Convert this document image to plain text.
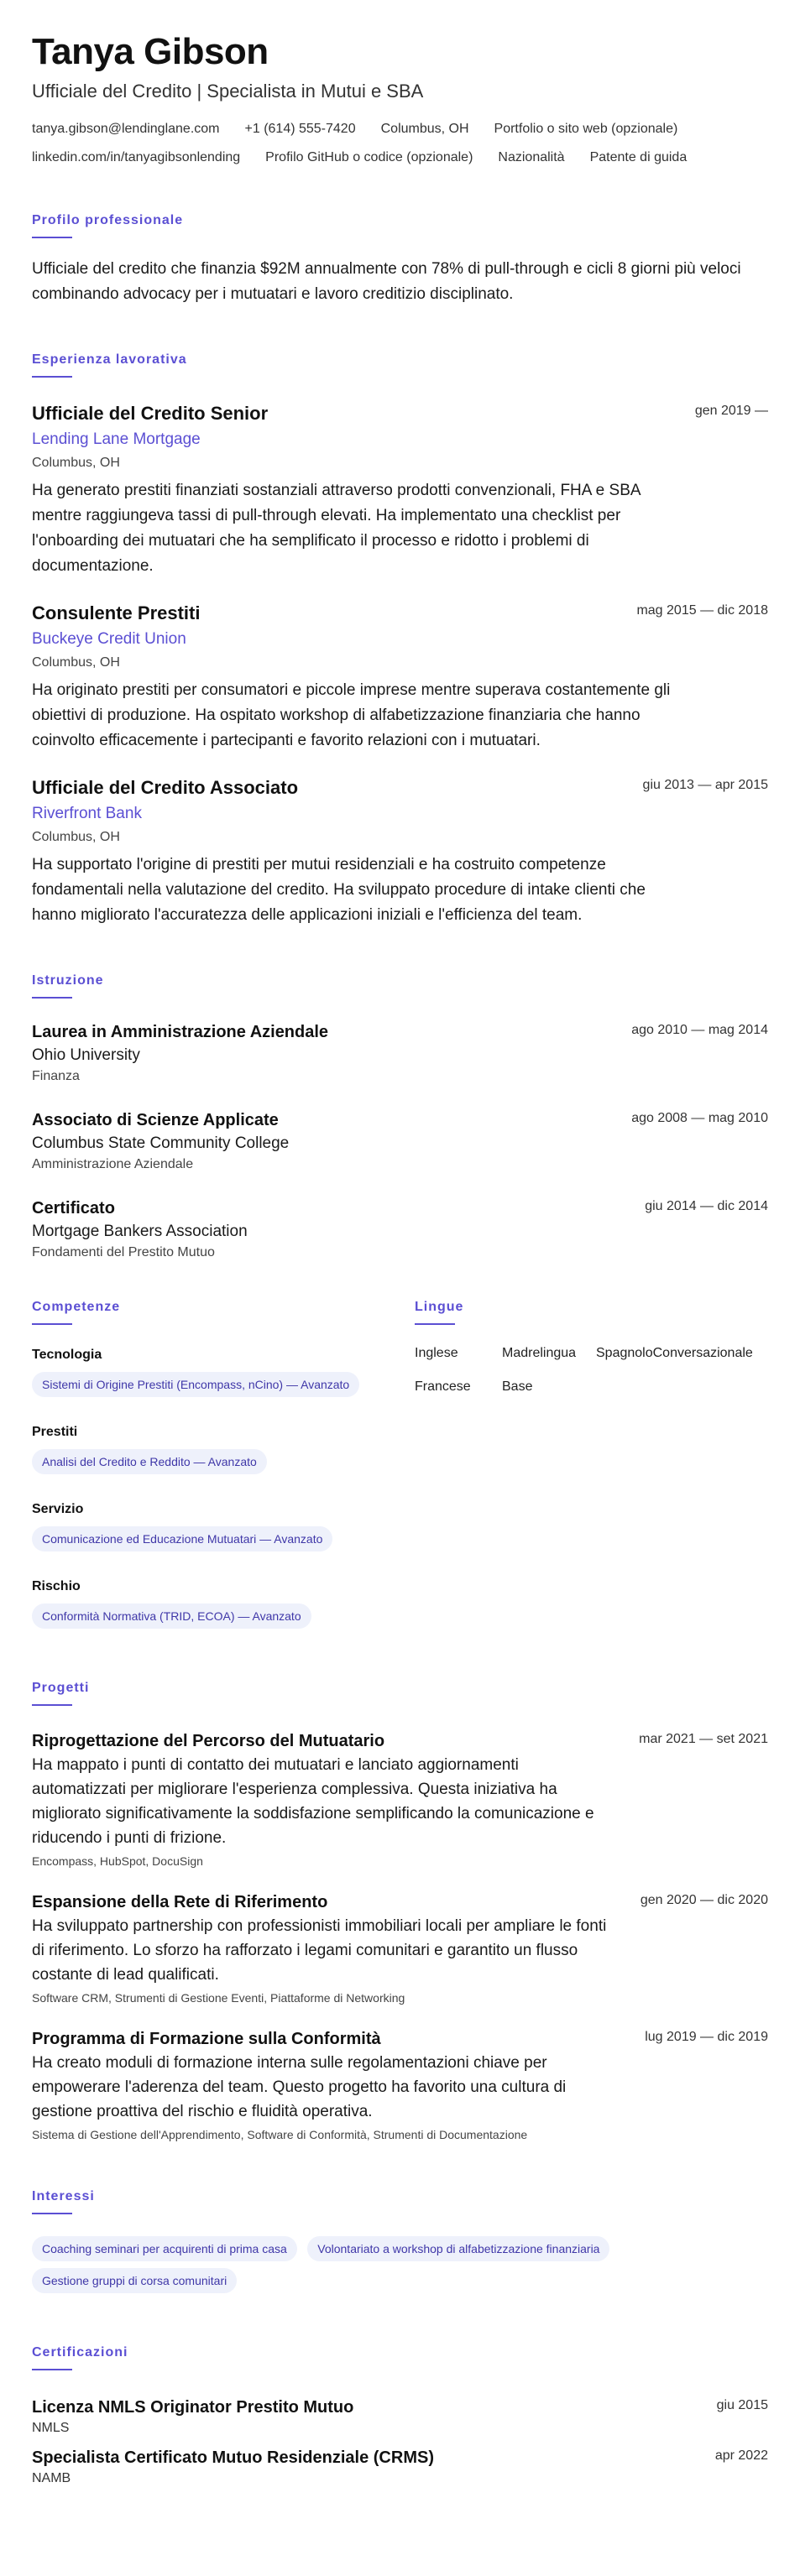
Tanya Gibson
Ufficiale del Credito | Specialista in Mutui e SBA
tanya.gibson@lendinglane.com +1 (614) 555-7420 Columbus, OH Portfolio o sito web (opzionale)
linkedin.com/in/tanyagibsonlending Profilo GitHub o codice (opzionale) Nazionalità Patente di guida
Profilo professionale

Ufficiale del credito che finanzia $92M annualmente con 78% di pull-through e cicli 8 giorni più veloci combinando advocacy per i mutuatari e lavoro creditizio disciplinato.

Esperienza lavorativa
Ufficiale del Credito Senior	gen 2019 —
Lending Lane Mortgage
Columbus, OH

Ha generato prestiti finanziati sostanziali attraverso prodotti convenzionali, FHA e SBA mentre raggiungeva tassi di pull-through elevati. Ha implementato una checklist per l'onboarding dei mutuatari che ha semplificato il processo e ridotto i problemi di documentazione.

Consulente Prestiti	mag 2015 — dic 2018
Buckeye Credit Union
Columbus, OH

Ha originato prestiti per consumatori e piccole imprese mentre superava costantemente gli obiettivi di produzione. Ha ospitato workshop di alfabetizzazione finanziaria che hanno coinvolto efficacemente i partecipanti e favorito relazioni con i mutuatari.

Ufficiale del Credito Associato	giu 2013 — apr 2015
Riverfront Bank
Columbus, OH

Ha supportato l'origine di prestiti per mutui residenziali e ha costruito competenze fondamentali nella valutazione del credito. Ha sviluppato procedure di intake clienti che hanno migliorato l'accuratezza delle applicazioni iniziali e l'efficienza del team.

Istruzione
Laurea in Amministrazione Aziendale	ago 2010 — mag 2014
Ohio University
Finanza
Associato di Scienze Applicate	ago 2008 — mag 2010
Columbus State Community College
Amministrazione Aziendale
Certificato	giu 2014 — dic 2014
Mortgage Bankers Association
Fondamenti del Prestito Mutuo
Competenze
Tecnologia
Sistemi di Origine Prestiti (Encompass, nCino) — Avanzato
Prestiti
Analisi del Credito e Reddito — Avanzato
Servizio
Comunicazione ed Educazione Mutuatari — Avanzato
Rischio
Conformità Normativa (TRID, ECOA) — Avanzato
Lingue
Inglese	Madrelingua	Spagnolo Conversazionale
Francese	Base
Progetti
Riprogettazione del Percorso del Mutuatario	mar 2021 — set 2021

Ha mappato i punti di contatto dei mutuatari e lanciato aggiornamenti automatizzati per migliorare l'esperienza complessiva. Questa iniziativa ha migliorato significativamente la soddisfazione semplificando la comunicazione e riducendo i punti di frizione.

Encompass, HubSpot, DocuSign
Espansione della Rete di Riferimento	gen 2020 — dic 2020

Ha sviluppato partnership con professionisti immobiliari locali per ampliare le fonti di riferimento. Lo sforzo ha rafforzato i legami comunitari e garantito un flusso costante di lead qualificati.

Software CRM, Strumenti di Gestione Eventi, Piattaforme di Networking
Programma di Formazione sulla Conformità	lug 2019 — dic 2019

Ha creato moduli di formazione interna sulle regolamentazioni chiave per empowerare l'aderenza del team. Questo progetto ha favorito una cultura di gestione proattiva del rischio e fluidità operativa.

Sistema di Gestione dell'Apprendimento, Software di Conformità, Strumenti di Documentazione
Interessi
Coaching seminari per acquirenti di prima casa	Volontariato a workshop di alfabetizzazione finanziaria Gestione gruppi di corsa comunitari
Certificazioni
Licenza NMLS Originator Prestito Mutuo	giu 2015
NMLS
Specialista Certificato Mutuo Residenziale (CRMS)	apr 2022
NAMB
